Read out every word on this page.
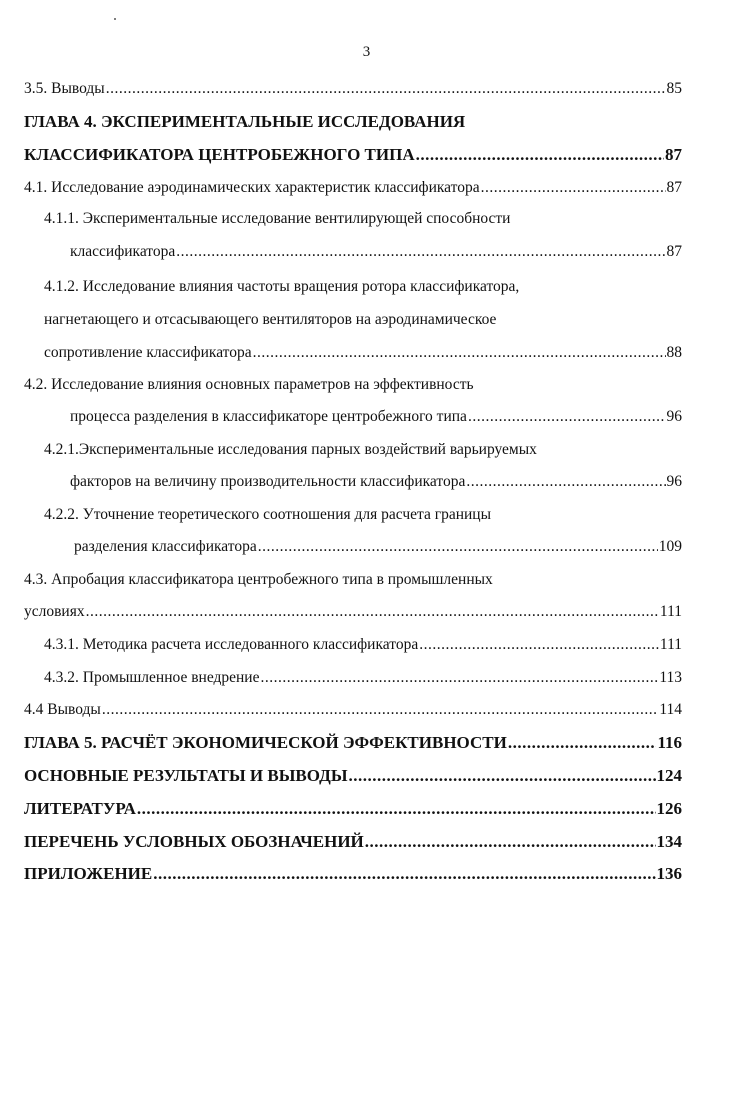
3
3.5. Выводы .....	85
ГЛАВА 4. ЭКСПЕРИМЕНТАЛЬНЫЕ ИССЛЕДОВАНИЯ
КЛАССИФИКАТОРА ЦЕНТРОБЕЖНОГО ТИПА .....	87
4.1. Исследование аэродинамических характеристик классификатора .....	87
4.1.1. Экспериментальные исследование вентилирующей способности
классификатора .....	87
4.1.2. Исследование влияния частоты вращения ротора классификатора,
нагнетающего и отсасывающего вентиляторов на аэродинамическое
сопротивление классификатора .....	88
4.2. Исследование влияния основных параметров на эффективность
процесса разделения в классификаторе центробежного типа .....	96
4.2.1.Экспериментальные исследования парных воздействий варьируемых
факторов на величину производительности классификатора .....	96
4.2.2. Уточнение теоретического соотношения для расчета границы
разделения классификатора .....	109
4.3. Апробация классификатора центробежного типа в промышленных
условиях .....	111
4.3.1. Методика расчета исследованного классификатора .....	111
4.3.2. Промышленное внедрение .....	113
4.4 Выводы .....	114
ГЛАВА 5. РАСЧЁТ ЭКОНОМИЧЕСКОЙ ЭФФЕКТИВНОСТИ .....	116
ОСНОВНЫЕ РЕЗУЛЬТАТЫ И ВЫВОДЫ .....	124
ЛИТЕРАТУРА .....	126
ПЕРЕЧЕНЬ УСЛОВНЫХ ОБОЗНАЧЕНИЙ .....	134
ПРИЛОЖЕНИЕ .....	136
